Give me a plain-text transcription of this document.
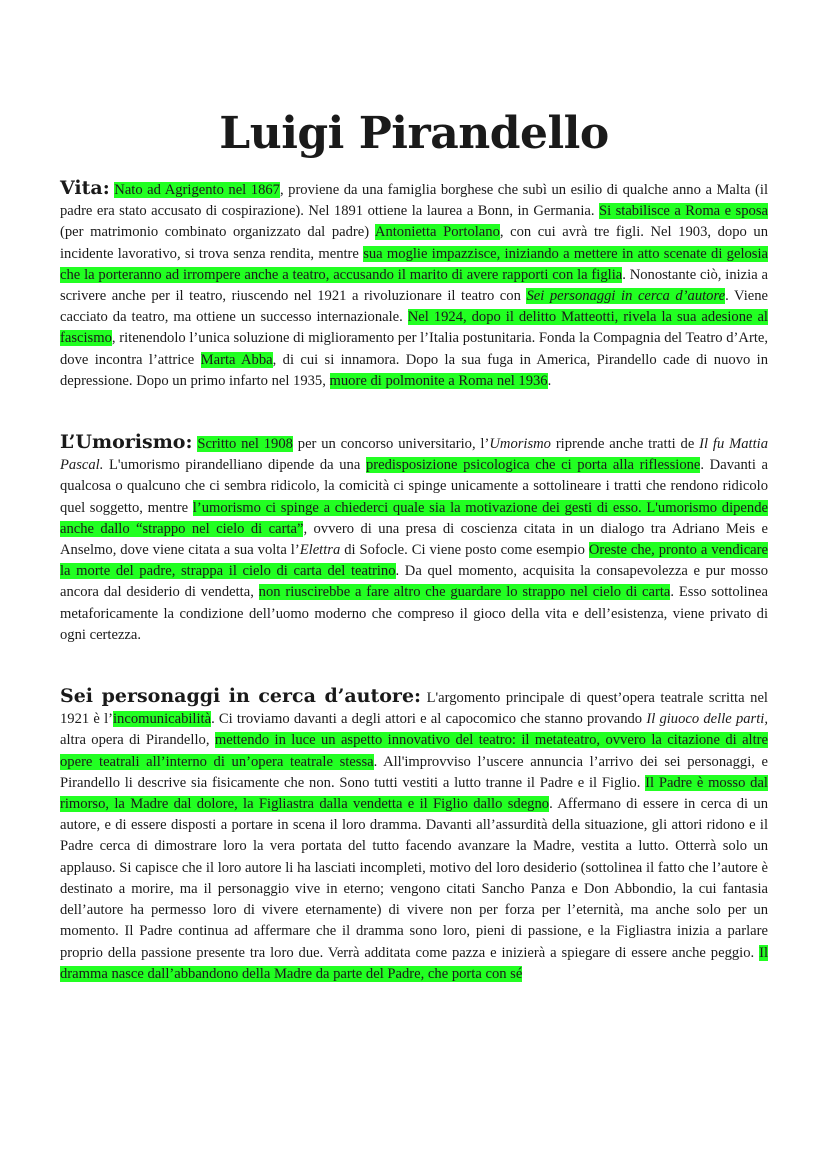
Luigi Pirandello

Vita: Nato ad Agrigento nel 1867, proviene da una famiglia borghese che subì un esilio di qualche anno a Malta (il padre era stato accusato di cospirazione). Nel 1891 ottiene la laurea a Bonn, in Germania. Si stabilisce a Roma e sposa (per matrimonio combinato organizzato dal padre) Antonietta Portolano, con cui avrà tre figli. Nel 1903, dopo un incidente lavorativo, si trova senza rendita, mentre sua moglie impazzisce, iniziando a mettere in atto scenate di gelosia che la porteranno ad irrompere anche a teatro, accusando il marito di avere rapporti con la figlia. Nonostante ciò, inizia a scrivere anche per il teatro, riuscendo nel 1921 a rivoluzionare il teatro con Sei personaggi in cerca d’autore. Viene cacciato da teatro, ma ottiene un successo internazionale. Nel 1924, dopo il delitto Matteotti, rivela la sua adesione al fascismo, ritenendolo l’unica soluzione di miglioramento per l’Italia postunitaria. Fonda la Compagnia del Teatro d’Arte, dove incontra l’attrice Marta Abba, di cui si innamora. Dopo la sua fuga in America, Pirandello cade di nuovo in depressione. Dopo un primo infarto nel 1935, muore di polmonite a Roma nel 1936.

L’Umorismo: Scritto nel 1908 per un concorso universitario, l’Umorismo riprende anche tratti de Il fu Mattia Pascal. L'umorismo pirandelliano dipende da una predisposizione psicologica che ci porta alla riflessione. Davanti a qualcosa o qualcuno che ci sembra ridicolo, la comicità ci spinge unicamente a sottolineare i tratti che rendono ridicolo quel soggetto, mentre l’umorismo ci spinge a chiederci quale sia la motivazione dei gesti di esso. L'umorismo dipende anche dallo “strappo nel cielo di carta”, ovvero di una presa di coscienza citata in un dialogo tra Adriano Meis e Anselmo, dove viene citata a sua volta l’Elettra di Sofocle. Ci viene posto come esempio Oreste che, pronto a vendicare la morte del padre, strappa il cielo di carta del teatrino. Da quel momento, acquisita la consapevolezza e pur mosso ancora dal desiderio di vendetta, non riuscirebbe a fare altro che guardare lo strappo nel cielo di carta. Esso sottolinea metaforicamente la condizione dell’uomo moderno che compreso il gioco della vita e dell’esistenza, viene privato di ogni certezza.

Sei personaggi in cerca d’autore: L'argomento principale di quest’opera teatrale scritta nel 1921 è l’incomunicabilità. Ci troviamo davanti a degli attori e al capocomico che stanno provando Il giuoco delle parti, altra opera di Pirandello, mettendo in luce un aspetto innovativo del teatro: il metateatro, ovvero la citazione di altre opere teatrali all’interno di un’opera teatrale stessa. All'improvviso l’uscere annuncia l’arrivo dei sei personaggi, e Pirandello li descrive sia fisicamente che non. Sono tutti vestiti a lutto tranne il Padre e il Figlio. Il Padre è mosso dal rimorso, la Madre dal dolore, la Figliastra dalla vendetta e il Figlio dallo sdegno. Affermano di essere in cerca di un autore, e di essere disposti a portare in scena il loro dramma. Davanti all’assurdità della situazione, gli attori ridono e il Padre cerca di dimostrare loro la vera portata del tutto facendo avanzare la Madre, vestita a lutto. Otterrà solo un applauso. Si capisce che il loro autore li ha lasciati incompleti, motivo del loro desiderio (sottolinea il fatto che l’autore è destinato a morire, ma il personaggio vive in eterno; vengono citati Sancho Panza e Don Abbondio, la cui fantasia dell’autore ha permesso loro di vivere eternamente) di vivere non per forza per l’eternità, ma anche solo per un momento. Il Padre continua ad affermare che il dramma sono loro, pieni di passione, e la Figliastra inizia a parlare proprio della passione presente tra loro due. Verrà additata come pazza e inizierà a spiegare di essere anche peggio. Il dramma nasce dall’abbandono della Madre da parte del Padre, che porta con sé
